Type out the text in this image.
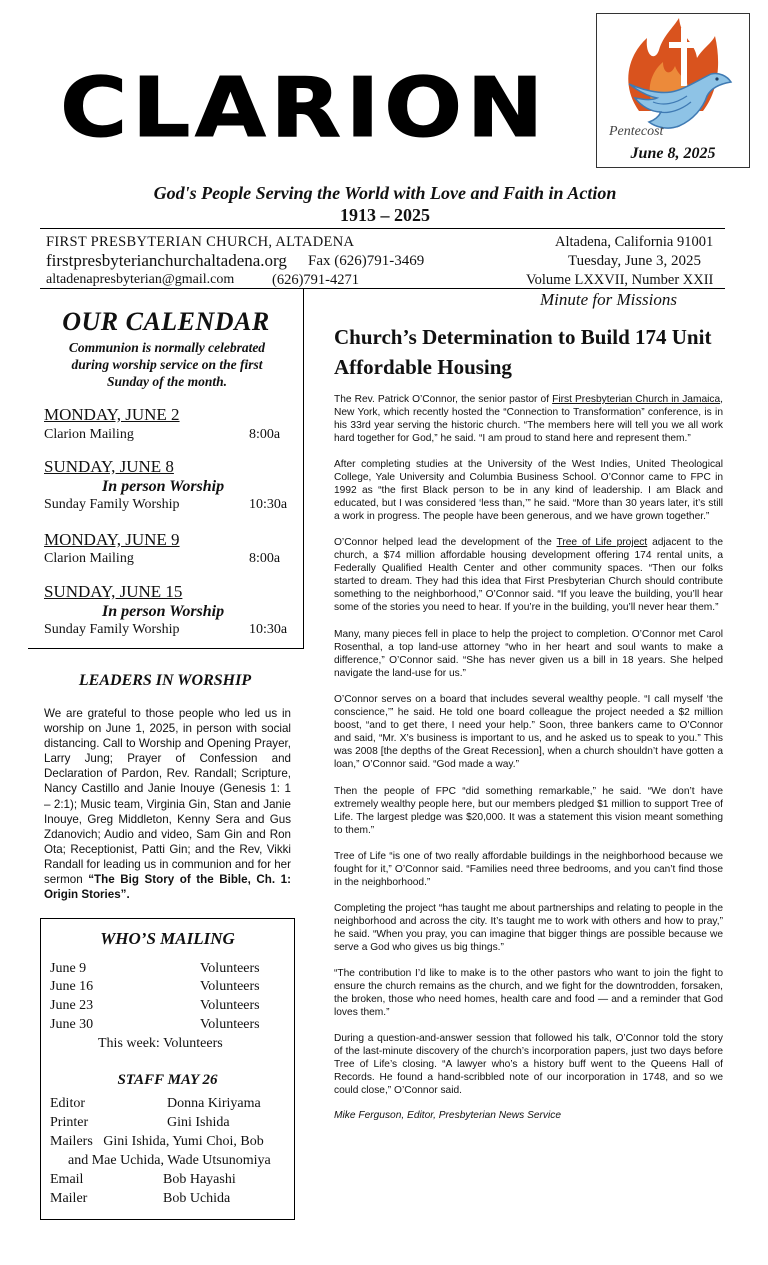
CLARION	Pentecost
June 8, 2025
God's People Serving the World with Love and Faith in Action
1913 – 2025
FIRST PRESBYTERIAN CHURCH, ALTADENA	Altadena, California 91001
firstpresbyterianchurchaltadena.org Fax (626)791-3469	Tuesday, June 3, 2025
altadenapresbyterian@gmail.com	(626)791-4271	Volume LXXVII, Number XXII
OUR CALENDAR
Communion is normally celebrated during worship service on the first Sunday of the month.
MONDAY, JUNE 2
Clarion Mailing	8:00a
SUNDAY, JUNE 8
In person Worship
Sunday Family Worship	10:30a
MONDAY, JUNE 9
Clarion Mailing	8:00a
SUNDAY, JUNE 15
In person Worship
Sunday Family Worship	10:30a
LEADERS IN WORSHIP
We are grateful to those people who led us in worship on June 1, 2025, in person with social distancing. Call to Worship and Opening Prayer, Larry Jung; Prayer of Confession and Declaration of Pardon, Rev. Randall; Scripture, Nancy Castillo and Janie Inouye (Genesis 1: 1 – 2:1); Music team, Virginia Gin, Stan and Janie Inouye, Greg Middleton, Kenny Sera and Gus Zdanovich; Audio and video, Sam Gin and Ron Ota; Receptionist, Patti Gin; and the Rev, Vikki Randall for leading us in communion and for her sermon “The Big Story of the Bible, Ch. 1: Origin Stories”.
WHO’S MAILING
June 9	Volunteers
June 16	Volunteers
June 23	Volunteers
June 30	Volunteers
This week: Volunteers
STAFF MAY 26
Editor	Donna Kiriyama
Printer	Gini Ishida
Mailers   Gini Ishida, Yumi Choi, Bob
and Mae Uchida, Wade Utsunomiya
Email	Bob Hayashi
Mailer	Bob Uchida
Minute for Missions
Church’s Determination to Build 174 Unit Affordable Housing

The Rev. Patrick O’Connor, the senior pastor of First Presbyterian Church in Jamaica, New York, which recently hosted the “Connection to Transformation” conference, is in his 33rd year serving the historic church. “The members here will tell you we all work hard together for God,” he said. “I am proud to stand here and represent them.”

After completing studies at the University of the West Indies, United Theological College, Yale University and Columbia Business School. O’Connor came to FPC in 1992 as “the first Black person to be in any kind of leadership. I am Black and educated, but I was considered ‘less than,’” he said. “More than 30 years later, it’s still a work in progress. The people have been generous, and we have grown together.”

O’Connor helped lead the development of the Tree of Life project adjacent to the church, a $74 million affordable housing development offering 174 rental units, a Federally Qualified Health Center and other community spaces. “Then our folks started to dream. They had this idea that First Presbyterian Church should contribute something to the neighborhood,” O’Connor said. “If you leave the building, you’ll hear some of the stories you need to hear. If you’re in the building, you’ll never hear them.”

Many, many pieces fell in place to help the project to completion. O’Connor met Carol Rosenthal, a top land-use attorney “who in her heart and soul wants to make a difference,” O’Connor said. “She has never given us a bill in 18 years. She helped navigate the land-use for us.”

O’Connor serves on a board that includes several wealthy people. “I call myself ‘the conscience,’” he said. He told one board colleague the project needed a $2 million boost, “and to get there, I need your help.” Soon, three bankers came to O’Connor and said, “Mr. X’s business is important to us, and he asked us to speak to you.” This was 2008 [the depths of the Great Recession], when a church shouldn’t have gotten a loan,” O’Connor said. “God made a way.”

Then the people of FPC “did something remarkable,” he said. “We don’t have extremely wealthy people here, but our members pledged $1 million to support Tree of Life. The largest pledge was $20,000. It was a statement this vision meant something to them.”

Tree of Life “is one of two really affordable buildings in the neighborhood because we fought for it,” O’Connor said. “Families need three bedrooms, and you can’t find those in the neighborhood.”

Completing the project “has taught me about partnerships and relating to people in the neighborhood and across the city. It’s taught me to work with others and how to pray,” he said. “When you pray, you can imagine that bigger things are possible because we serve a God who gives us big things.”

“The contribution I’d like to make is to the other pastors who want to join the fight to ensure the church remains as the church, and we fight for the downtrodden, forsaken, the broken, those who need homes, health care and food — and a reminder that God loves them.”

During a question-and-answer session that followed his talk, O’Connor told the story of the last-minute discovery of the church’s incorporation papers, just two days before Tree of Life’s closing. “A lawyer who’s a history buff went to the Queens Hall of Records. He found a hand-scribbled note of our incorporation in 1748, and so we could close,” O’Connor said.

Mike Ferguson, Editor, Presbyterian News Service
